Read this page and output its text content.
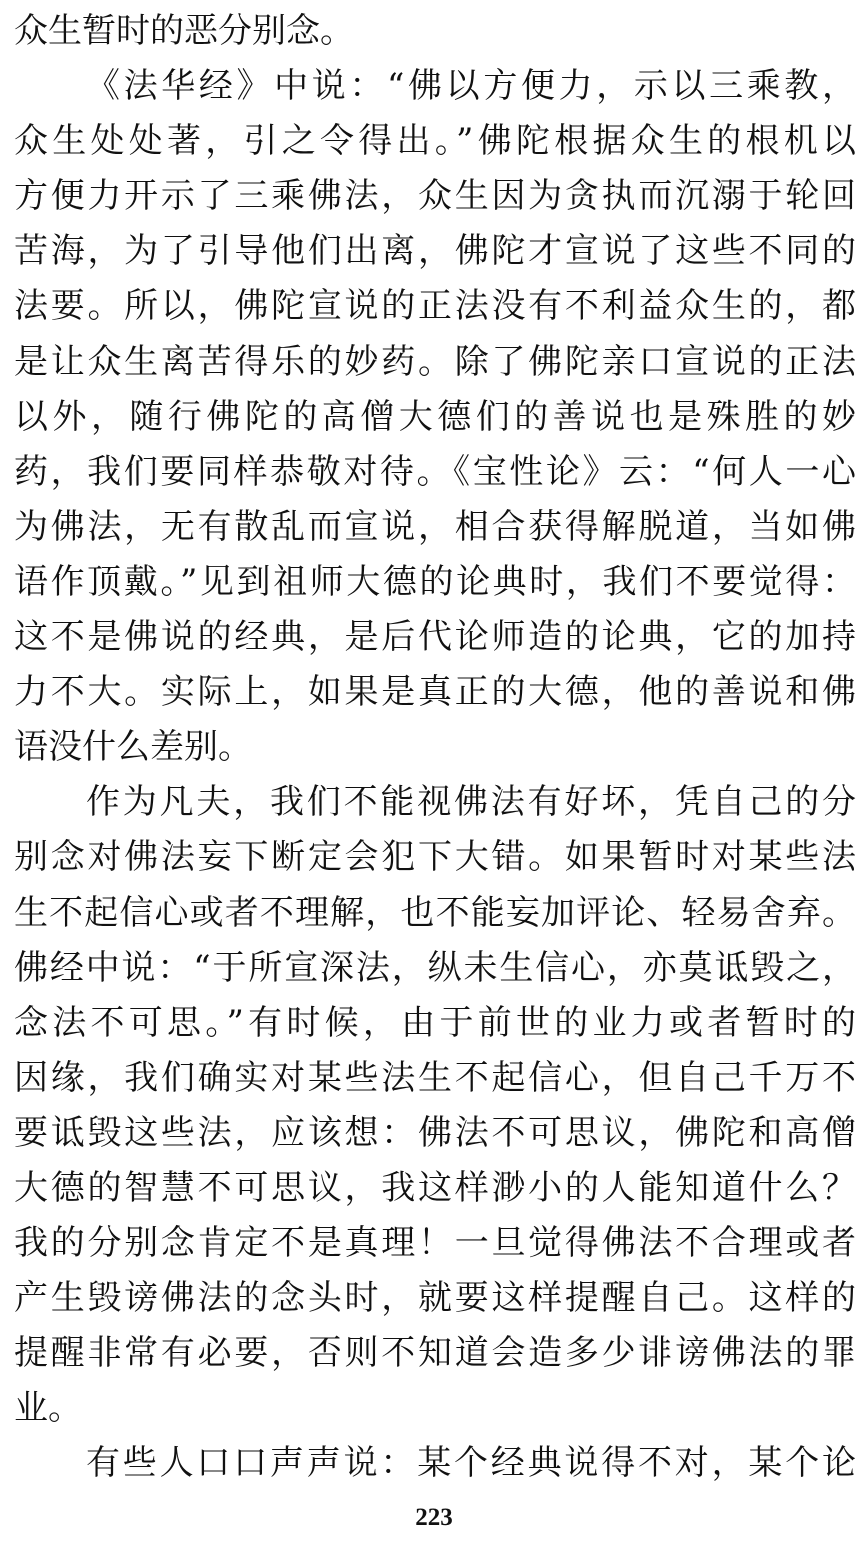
众生暂时的恶分别念。
《法华经》中说：“佛以方便力，示以三乘教，
众生处处著，引之令得出。”佛陀根据众生的根机以
方便力开示了三乘佛法，众生因为贪执而沉溺于轮回
苦海，为了引导他们出离，佛陀才宣说了这些不同的
法要。所以，佛陀宣说的正法没有不利益众生的，都
是让众生离苦得乐的妙药。除了佛陀亲口宣说的正法
以外，随行佛陀的高僧大德们的善说也是殊胜的妙
药，我们要同样恭敬对待。《宝性论》云：“何人一心
为佛法，无有散乱而宣说，相合获得解脱道，当如佛
语作顶戴。”见到祖师大德的论典时，我们不要觉得：
这不是佛说的经典，是后代论师造的论典，它的加持
力不大。实际上，如果是真正的大德，他的善说和佛
语没什么差别。
作为凡夫，我们不能视佛法有好坏，凭自己的分
别念对佛法妄下断定会犯下大错。如果暂时对某些法
生不起信心或者不理解，也不能妄加评论、轻易舍弃。
佛经中说：“于所宣深法，纵未生信心，亦莫诋毁之，
念法不可思。”有时候，由于前世的业力或者暂时的
因缘，我们确实对某些法生不起信心，但自己千万不
要诋毁这些法，应该想：佛法不可思议，佛陀和高僧
大德的智慧不可思议，我这样渺小的人能知道什么？
我的分别念肯定不是真理！一旦觉得佛法不合理或者
产生毁谤佛法的念头时，就要这样提醒自己。这样的
提醒非常有必要，否则不知道会造多少诽谤佛法的罪
业。
有些人口口声声说：某个经典说得不对，某个论
223
